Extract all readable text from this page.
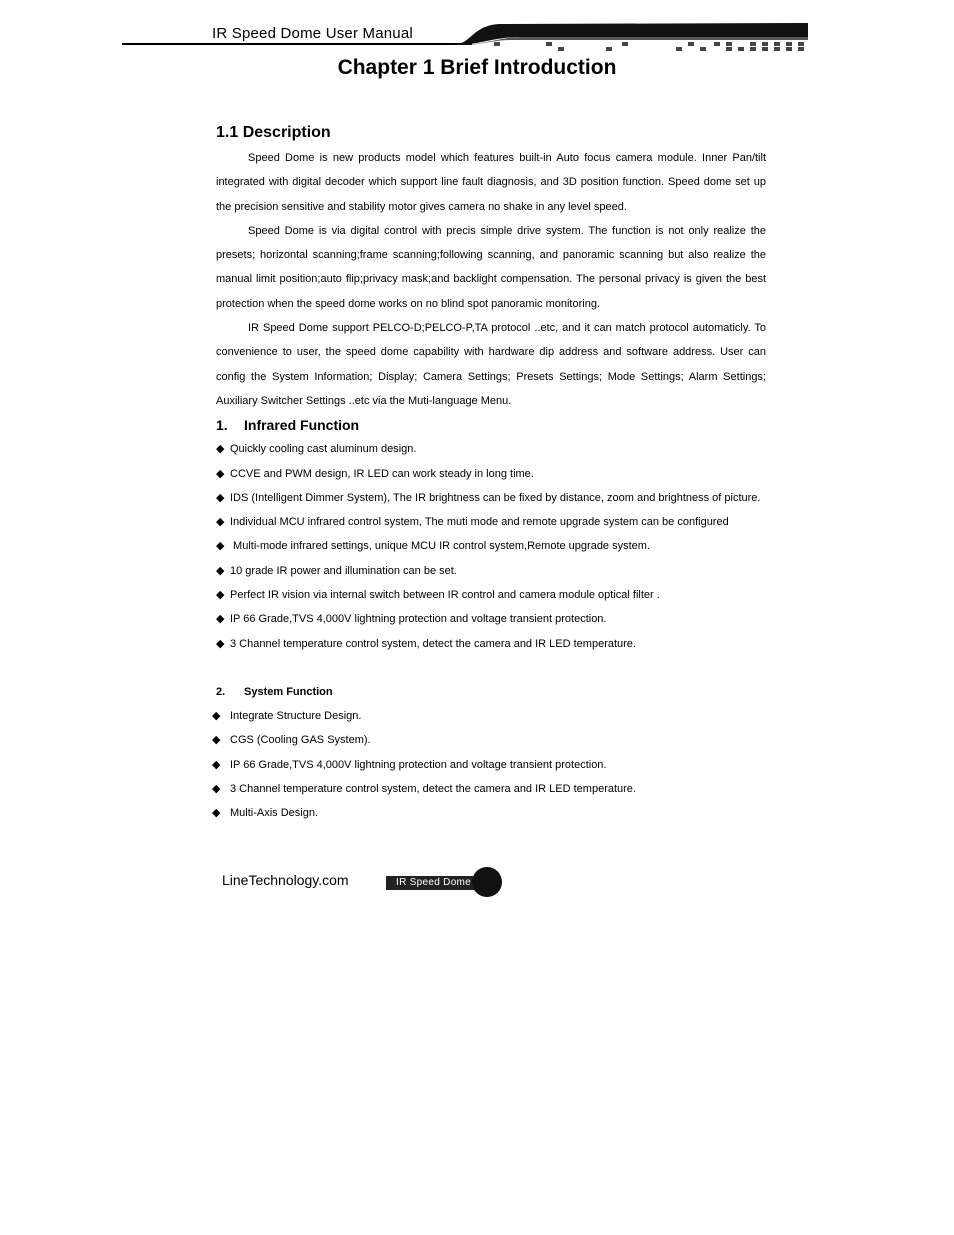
IR Speed Dome User Manual
Chapter 1 Brief Introduction
1.1 Description

Speed Dome is new products model which features built-in Auto focus camera module. Inner Pan/tilt integrated with digital decoder which support line fault diagnosis, and 3D position function. Speed dome set up the precision sensitive and stability motor gives camera no shake in any level speed.

Speed Dome is via digital control with precis simple drive system. The function is not only realize the presets; horizontal scanning;frame scanning;following scanning, and panoramic scanning but also realize the manual limit position;auto flip;privacy mask;and backlight compensation. The personal privacy is given the best protection when the speed dome works on no blind spot panoramic monitoring.

IR Speed Dome support PELCO-D;PELCO-P,TA protocol ..etc, and it can match protocol automaticly. To convenience to user, the speed dome capability with hardware dip address and software address. User can config the System Information; Display; Camera Settings; Presets Settings; Mode Settings; Alarm Settings; Auxiliary Switcher Settings ..etc via the Muti-language Menu.

1. Infrared Function
◆ Quickly cooling cast aluminum design.
◆ CCVE and PWM design, IR LED can work steady in long time.
◆ IDS (Intelligent Dimmer System), The IR brightness can be fixed by distance, zoom and brightness of picture.
◆ Individual MCU infrared control system, The muti mode and remote upgrade system can be configured
◆ Multi-mode infrared settings, unique MCU IR control system,Remote upgrade system.
◆ 10 grade IR power and illumination can be set.
◆ Perfect IR vision via internal switch between IR control and camera module optical filter .
◆ IP 66 Grade,TVS 4,000V lightning protection and voltage transient protection.
◆ 3 Channel temperature control system, detect the camera and IR LED temperature.
2. System Function
◆ Integrate Structure Design.
◆ CGS (Cooling GAS System).
◆ IP 66 Grade,TVS 4,000V lightning protection and voltage transient protection.
◆ 3 Channel temperature control system, detect the camera and IR LED temperature.
◆ Multi-Axis Design.
LineTechnology.com	IR Speed Dome
